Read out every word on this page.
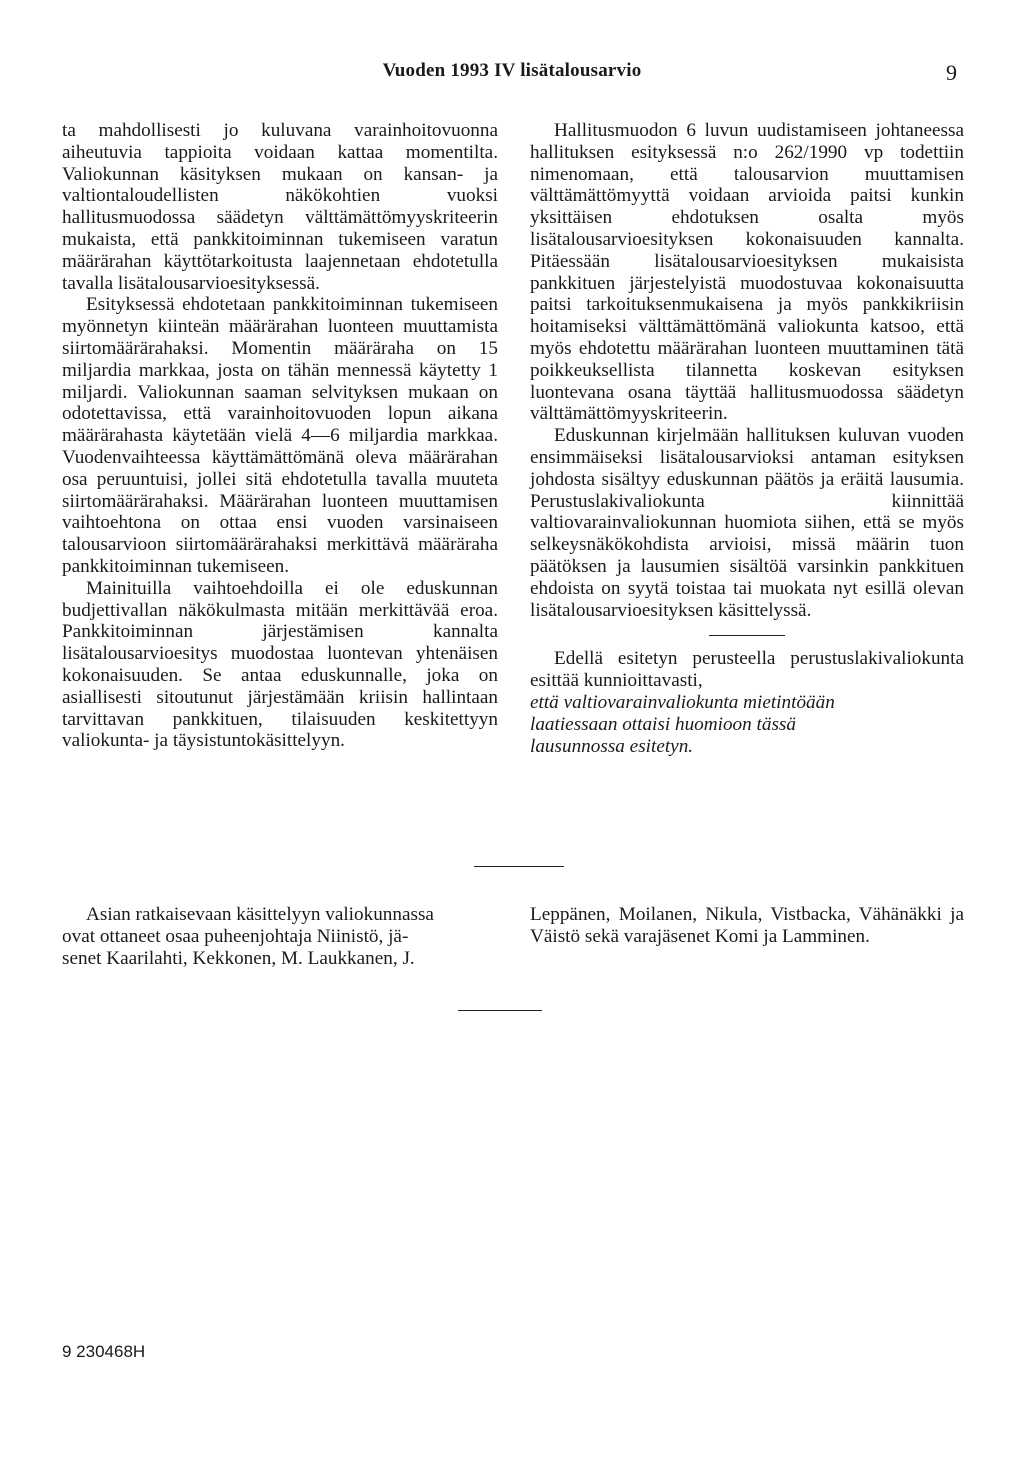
Vuoden 1993 IV lisätalousarvio	9

ta mahdollisesti jo kuluvana varainhoitovuonna aiheutuvia tappioita voidaan kattaa momentilta. Valiokunnan käsityksen mukaan on kansan- ja valtiontaloudellisten näkökohtien vuoksi hallitusmuodossa säädetyn välttämättömyyskriteerin mukaista, että pankkitoiminnan tukemiseen varatun määrärahan käyttötarkoitusta laajennetaan ehdotetulla tavalla lisätalousarvioesityksessä.

Esityksessä ehdotetaan pankkitoiminnan tukemiseen myönnetyn kiinteän määrärahan luonteen muuttamista siirtomäärärahaksi. Momentin määräraha on 15 miljardia markkaa, josta on tähän mennessä käytetty 1 miljardi. Valiokunnan saaman selvityksen mukaan on odotettavissa, että varainhoitovuoden lopun aikana määrärahasta käytetään vielä 4—6 miljardia markkaa. Vuodenvaihteessa käyttämättömänä oleva määrärahan osa peruuntuisi, jollei sitä ehdotetulla tavalla muuteta siirtomäärärahaksi. Määrärahan luonteen muuttamisen vaihtoehtona on ottaa ensi vuoden varsinaiseen talousarvioon siirtomäärärahaksi merkittävä määräraha pankkitoiminnan tukemiseen.

Mainituilla vaihtoehdoilla ei ole eduskunnan budjettivallan näkökulmasta mitään merkittävää eroa. Pankkitoiminnan järjestämisen kannalta lisätalousarvioesitys muodostaa luontevan yhtenäisen kokonaisuuden. Se antaa eduskunnalle, joka on asiallisesti sitoutunut järjestämään kriisin hallintaan tarvittavan pankkituen, tilaisuuden keskitettyyn valiokunta- ja täysistuntokäsittelyyn.

Hallitusmuodon 6 luvun uudistamiseen johtaneessa hallituksen esityksessä n:o 262/1990 vp todettiin nimenomaan, että talousarvion muuttamisen välttämättömyyttä voidaan arvioida paitsi kunkin yksittäisen ehdotuksen osalta myös lisätalousarvioesityksen kokonaisuuden kannalta. Pitäessään lisätalousarvioesityksen mukaisista pankkituen järjestelyistä muodostuvaa kokonaisuutta paitsi tarkoituksenmukaisena ja myös pankkikriisin hoitamiseksi välttämättömänä valiokunta katsoo, että myös ehdotettu määrärahan luonteen muuttaminen tätä poikkeuksellista tilannetta koskevan esityksen luontevana osana täyttää hallitusmuodossa säädetyn välttämättömyyskriteerin.

Eduskunnan kirjelmään hallituksen kuluvan vuoden ensimmäiseksi lisätalousarvioksi antaman esityksen johdosta sisältyy eduskunnan päätös ja eräitä lausumia. Perustuslakivaliokunta kiinnittää valtiovarainvaliokunnan huomiota siihen, että se myös selkeysnäkökohdista arvioisi, missä määrin tuon päätöksen ja lausumien sisältöä varsinkin pankkituen ehdoista on syytä toistaa tai muokata nyt esillä olevan lisätalousarvioesityksen käsittelyssä.

Edellä esitetyn perusteella perustuslakivaliokunta esittää kunnioittavasti,

että valtiovarainvaliokunta mietintöään laatiessaan ottaisi huomioon tässä lausunnossa esitetyn.

Asian ratkaisevaan käsittelyyn valiokunnassa
ovat ottaneet osaa puheenjohtaja Niinistö, jä-
senet Kaarilahti, Kekkonen, M. Laukkanen, J.
Leppänen, Moilanen, Nikula, Vistbacka, Vähänäkki ja Väistö sekä varajäsenet Komi ja Lamminen.
9 230468H
